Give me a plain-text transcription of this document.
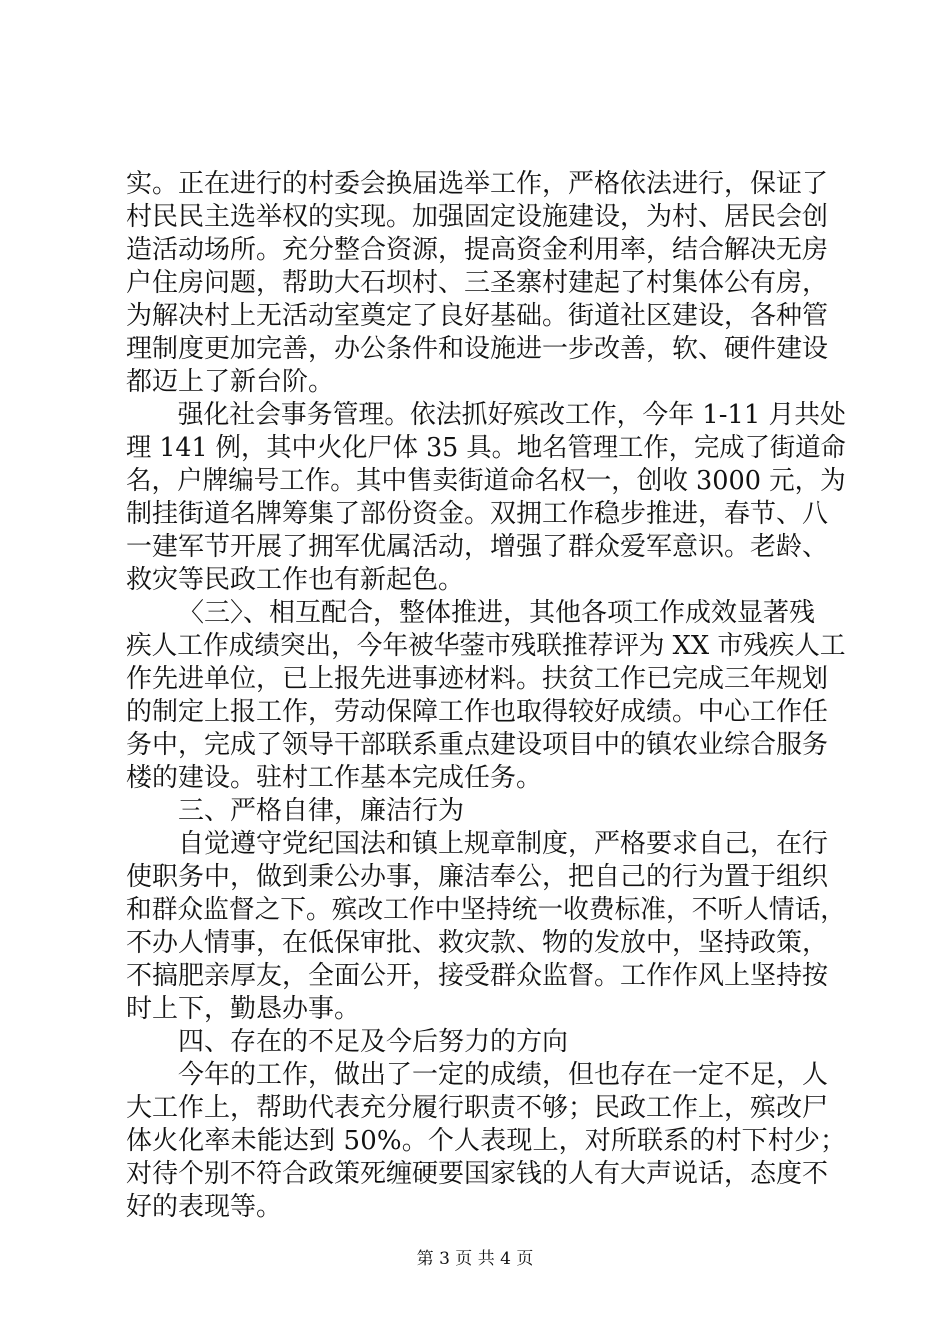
实。正在进行的村委会换届选举工作，严格依法进行，保证了
村民民主选举权的实现。加强固定设施建设，为村、居民会创
造活动场所。充分整合资源，提高资金利用率，结合解决无房
户住房问题，帮助大石坝村、三圣寨村建起了村集体公有房，
为解决村上无活动室奠定了良好基础。街道社区建设，各种管
理制度更加完善，办公条件和设施进一步改善，软、硬件建设
都迈上了新台阶。
强化社会事务管理。依法抓好殡改工作，今年 1-11 月共处
理 141 例，其中火化尸体 35 具。地名管理工作，完成了街道命
名，户牌编号工作。其中售卖街道命名权一，创收 3000 元，为
制挂街道名牌筹集了部份资金。双拥工作稳步推进，春节、八
一建军节开展了拥军优属活动，增强了群众爱军意识。老龄、
救灾等民政工作也有新起色。
〈三〉、相互配合，整体推进，其他各项工作成效显著残
疾人工作成绩突出，今年被华蓥市残联推荐评为 XX 市残疾人工
作先进单位，已上报先进事迹材料。扶贫工作已完成三年规划
的制定上报工作，劳动保障工作也取得较好成绩。中心工作任
务中，完成了领导干部联系重点建设项目中的镇农业综合服务
楼的建设。驻村工作基本完成任务。
三、严格自律，廉洁行为
自觉遵守党纪国法和镇上规章制度，严格要求自己，在行
使职务中，做到秉公办事，廉洁奉公，把自己的行为置于组织
和群众监督之下。殡改工作中坚持统一收费标准，不听人情话，
不办人情事，在低保审批、救灾款、物的发放中，坚持政策，
不搞肥亲厚友，全面公开，接受群众监督。工作作风上坚持按
时上下，勤恳办事。
四、存在的不足及今后努力的方向
今年的工作，做出了一定的成绩，但也存在一定不足，人
大工作上，帮助代表充分履行职责不够；民政工作上，殡改尸
体火化率未能达到 50%。个人表现上，对所联系的村下村少；
对待个别不符合政策死缠硬要国家钱的人有大声说话，态度不
好的表现等。
第 3 页 共 4 页
